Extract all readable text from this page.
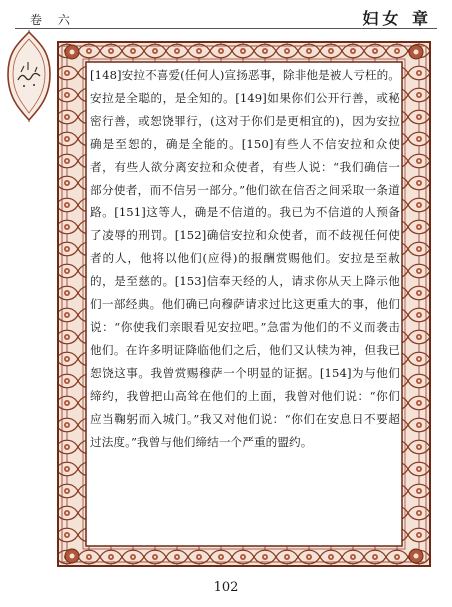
卷 六	妇女 章

[148]安拉不喜爱(任何人)宣扬恶事，除非他是被人亏枉的。安拉是全聪的，是全知的。[149]如果你们公开行善，或秘密行善，或恕饶罪行，(这对于你们是更相宜的)，因为安拉确是至恕的，确是全能的。[150]有些人不信安拉和众使者，有些人欲分离安拉和众使者，有些人说：“我们确信一部分使者，而不信另一部分。”他们欲在信否之间采取一条道路。[151]这等人，确是不信道的。我已为不信道的人预备了凌辱的刑罚。[152]确信安拉和众使者，而不歧视任何使者的人，他将以他们(应得)的报酬赏赐他们。安拉是至赦的，是至慈的。[153]信奉天经的人，请求你从天上降示他们一部经典。他们确已向穆萨请求过比这更重大的事，他们说：“你使我们亲眼看见安拉吧。”急雷为他们的不义而袭击他们。在许多明证降临他们之后，他们又认犊为神，但我已恕饶这事。我曾赏赐穆萨一个明显的证据。[154]为与他们缔约，我曾把山高耸在他们的上面，我曾对他们说：“你们应当鞠躬而入城门。”我又对他们说：“你们在安息日不要超过法度。”我曾与他们缔结一个严重的盟约。

102
